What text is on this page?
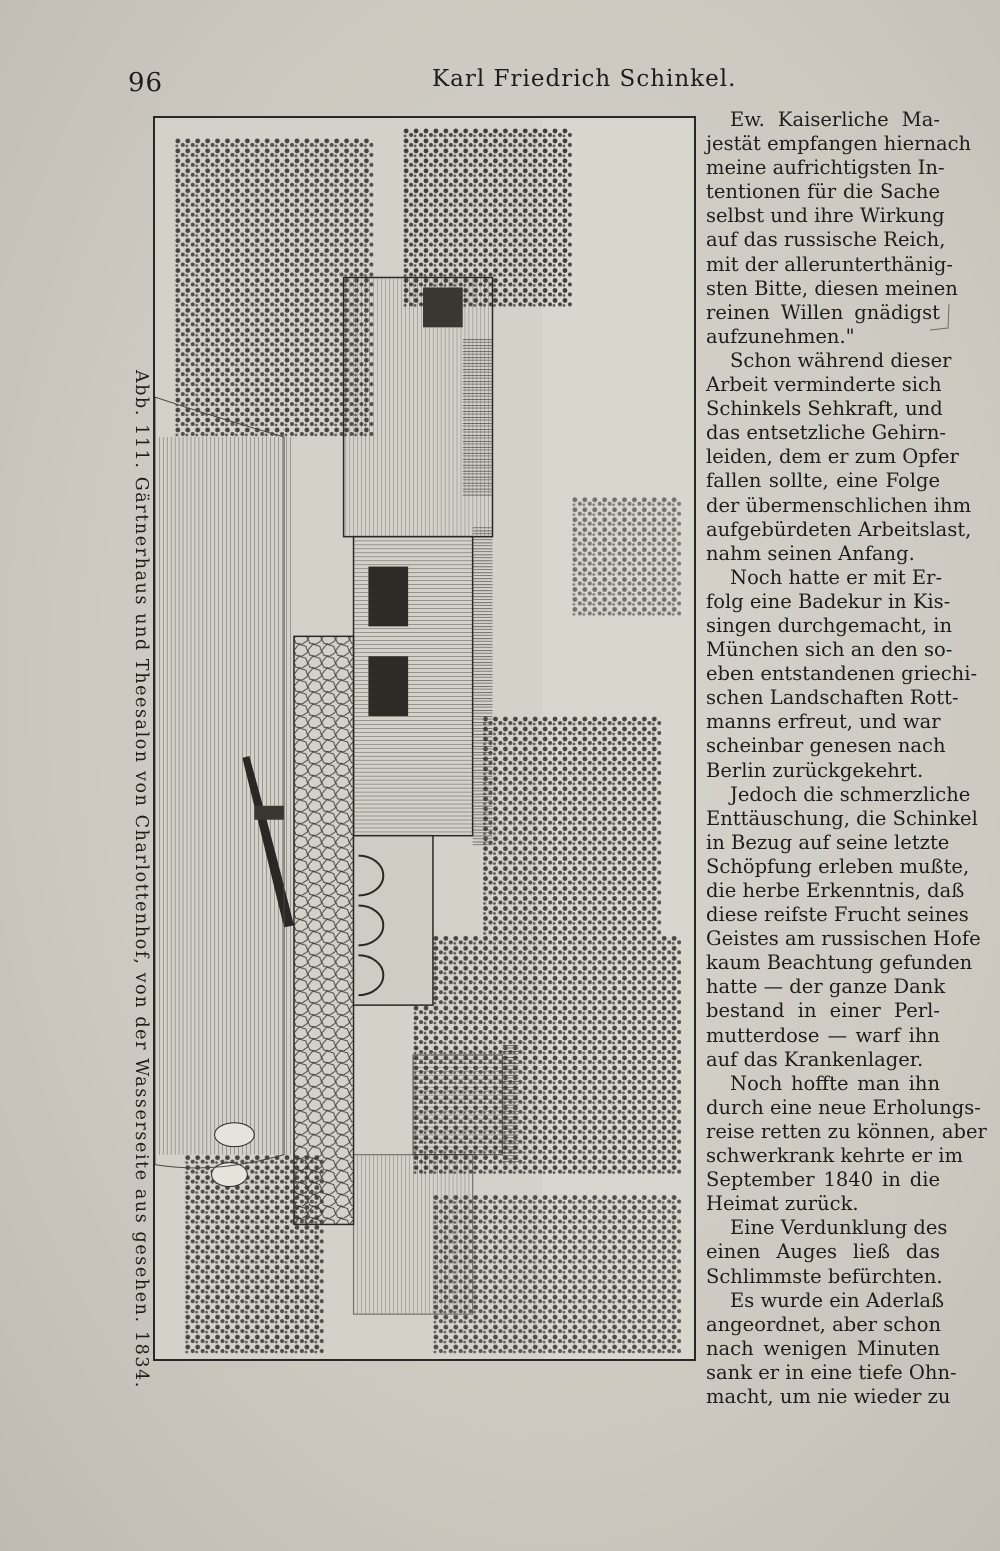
96	Karl Friedrich Schinkel.
Abb. 111. Gärtnerhaus und Theesalon von Charlottenhof, von der Wasserseite aus gesehen. 1834.
Ew. Kaiserliche Ma-
jestät empfangen hiernach
meine aufrichtigsten In-
tentionen für die Sache
selbst und ihre Wirkung
auf das russische Reich,
mit der allerunterthänig-
sten Bitte, diesen meinen
reinen Willen gnädigst
aufzunehmen."
Schon während dieser
Arbeit verminderte sich
Schinkels Sehkraft, und
das entsetzliche Gehirn-
leiden, dem er zum Opfer
fallen sollte, eine Folge
der übermenschlichen ihm
aufgebürdeten Arbeitslast,
nahm seinen Anfang.
Noch hatte er mit Er-
folg eine Badekur in Kis-
singen durchgemacht, in
München sich an den so-
eben entstandenen griechi-
schen Landschaften Rott-
manns erfreut, und war
scheinbar genesen nach
Berlin zurückgekehrt.
Jedoch die schmerzliche
Enttäuschung, die Schinkel
in Bezug auf seine letzte
Schöpfung erleben mußte,
die herbe Erkenntnis, daß
diese reifste Frucht seines
Geistes am russischen Hofe
kaum Beachtung gefunden
hatte — der ganze Dank
bestand in einer Perl-
mutterdose — warf ihn
auf das Krankenlager.
Noch hoffte man ihn
durch eine neue Erholungs-
reise retten zu können, aber
schwerkrank kehrte er im
September 1840 in die
Heimat zurück.
Eine Verdunklung des
einen Auges ließ das
Schlimmste befürchten.
Es wurde ein Aderlaß
angeordnet, aber schon
nach wenigen Minuten
sank er in eine tiefe Ohn-
macht, um nie wieder zu
